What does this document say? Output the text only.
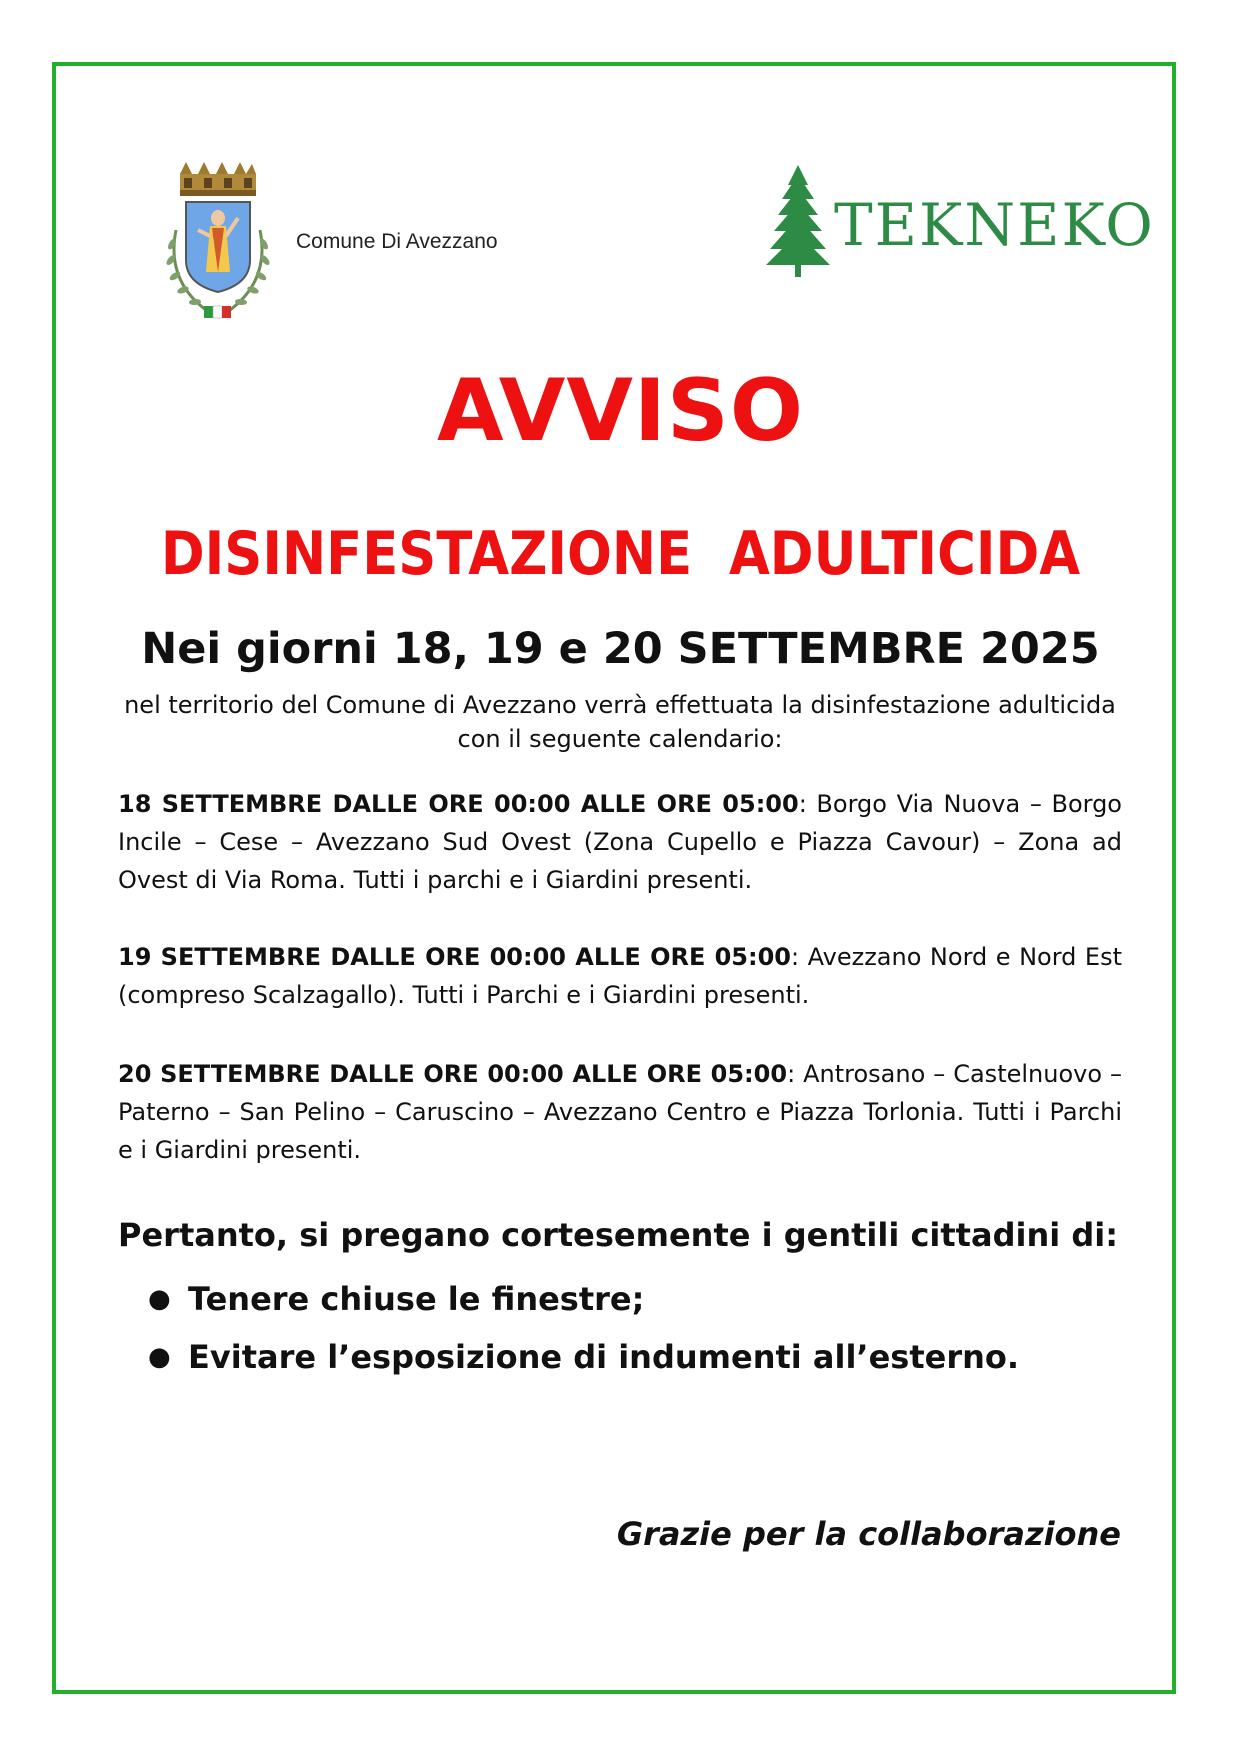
Comune Di Avezzano	TEKNEKO
AVVISO
DISINFESTAZIONE  ADULTICIDA
Nei giorni 18, 19 e 20 SETTEMBRE 2025
nel territorio del Comune di Avezzano verrà effettuata la disinfestazione adulticida con il seguente calendario:
18 SETTEMBRE DALLE ORE 00:00 ALLE ORE 05:00: Borgo Via Nuova – Borgo Incile – Cese – Avezzano Sud Ovest (Zona Cupello e Piazza Cavour) – Zona ad Ovest di Via Roma. Tutti i parchi e i Giardini presenti.
19 SETTEMBRE DALLE ORE 00:00 ALLE ORE 05:00: Avezzano Nord e Nord Est (compreso Scalzagallo). Tutti i Parchi e i Giardini presenti.
20 SETTEMBRE DALLE ORE 00:00 ALLE ORE 05:00: Antrosano – Castelnuovo – Paterno – San Pelino – Caruscino – Avezzano Centro e Piazza Torlonia. Tutti i Parchi e i Giardini presenti.
Pertanto, si pregano cortesemente i gentili cittadini di:
● Tenere chiuse le finestre;
● Evitare l’esposizione di indumenti all’esterno.
Grazie per la collaborazione
